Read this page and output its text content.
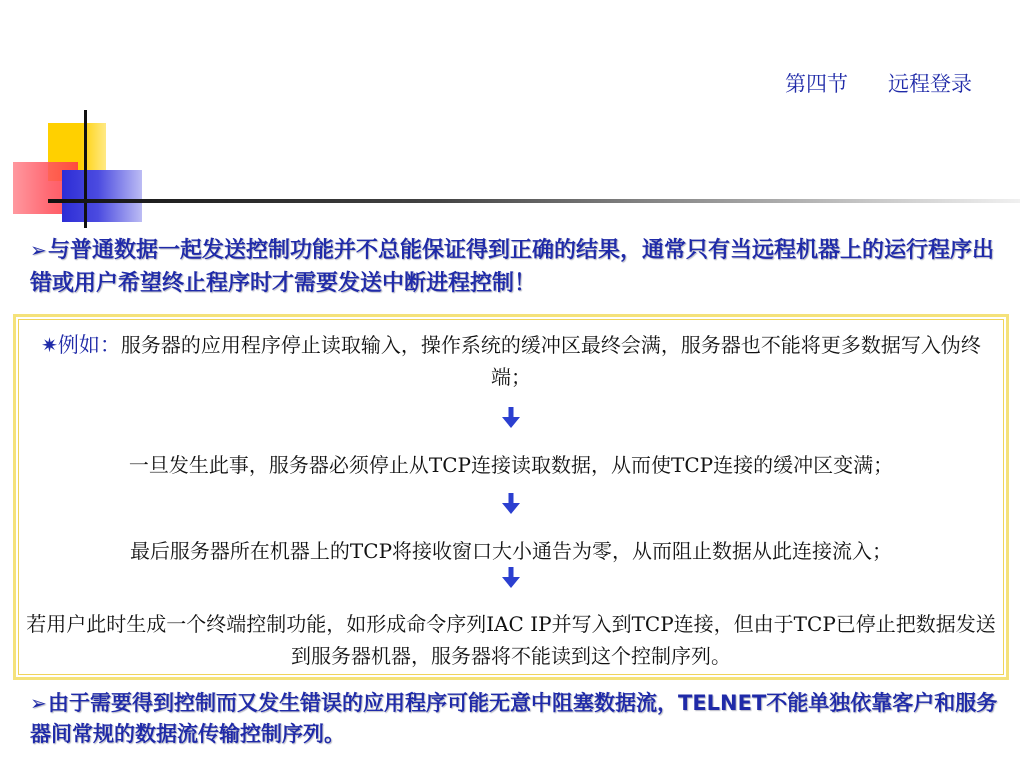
第四节 远程登录
➢与普通数据一起发送控制功能并不总能保证得到正确的结果，通常只有当远程机器上的运行程序出错或用户希望终止程序时才需要发送中断进程控制！
✷例如：服务器的应用程序停止读取输入，操作系统的缓冲区最终会满，服务器也不能将更多数据写入伪终端；
一旦发生此事，服务器必须停止从TCP连接读取数据，从而使TCP连接的缓冲区变满；
最后服务器所在机器上的TCP将接收窗口大小通告为零，从而阻止数据从此连接流入；
若用户此时生成一个终端控制功能，如形成命令序列IAC IP并写入到TCP连接，但由于TCP已停止把数据发送到服务器机器，服务器将不能读到这个控制序列。
➢由于需要得到控制而又发生错误的应用程序可能无意中阻塞数据流，TELNET不能单独依靠客户和服务器间常规的数据流传输控制序列。
